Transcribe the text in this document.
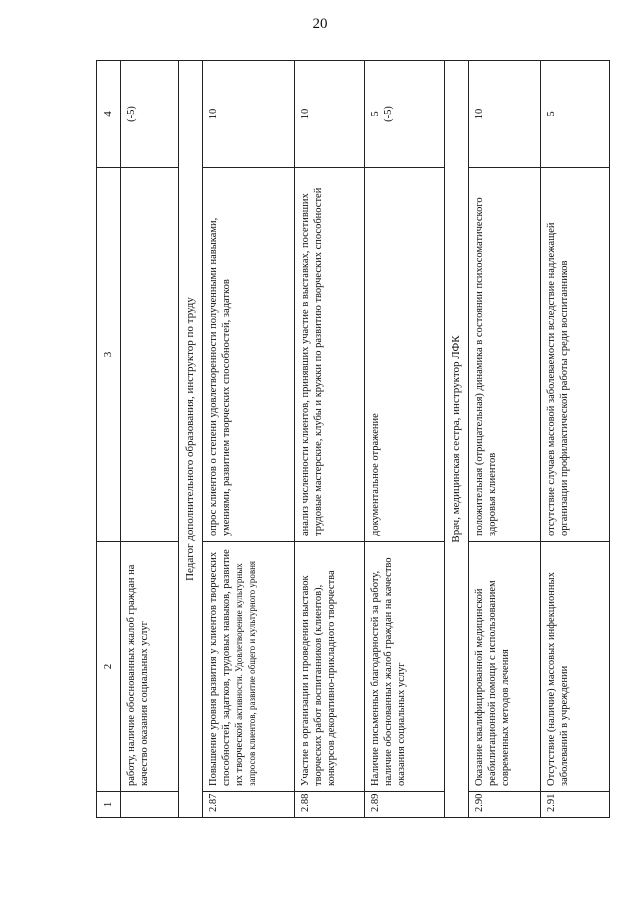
20
1	2	3	4
	работу, наличие обоснованных жалоб граждан на качество оказания социальных услуг		(-5)
Педагог дополнительного образования, инструктор по труду			
2.87	Повышение уровня развития у клиентов творческих способностей, задатков, трудовых навыков, развитие их творческой активности. Удовлетворение культурных запросов клиентов, развитие общего и культурного уровня	опрос клиентов о степени удовлетворенности полученными навыками, умениями, развитием творческих способностей, задатков	10
2.88	Участие в организации и проведении выставок творческих работ воспитанников (клиентов), конкурсов декоративно-прикладного творчества	анализ численности клиентов, принявших участие в выставках, посетивших трудовые мастерские, клубы и кружки по развитию творческих способностей	10
2.89	Наличие письменных благодарностей за работу, наличие обоснованных жалоб граждан на качество оказания социальных услуг	документальное отражение	5 (-5)

Врач, медицинская сестра, инструктор ЛФК			
2.90	Оказание квалифицированной медицинской реабилитационной помощи с использованием современных методов лечения	положительная (отрицательная) динамика в состоянии психосоматического здоровья клиентов	10
2.91	Отсутствие (наличие) массовых инфекционных заболеваний в учреждении	отсутствие случаев массовой заболеваемости вследствие надлежащей организации профилактической работы среди воспитанников	5
